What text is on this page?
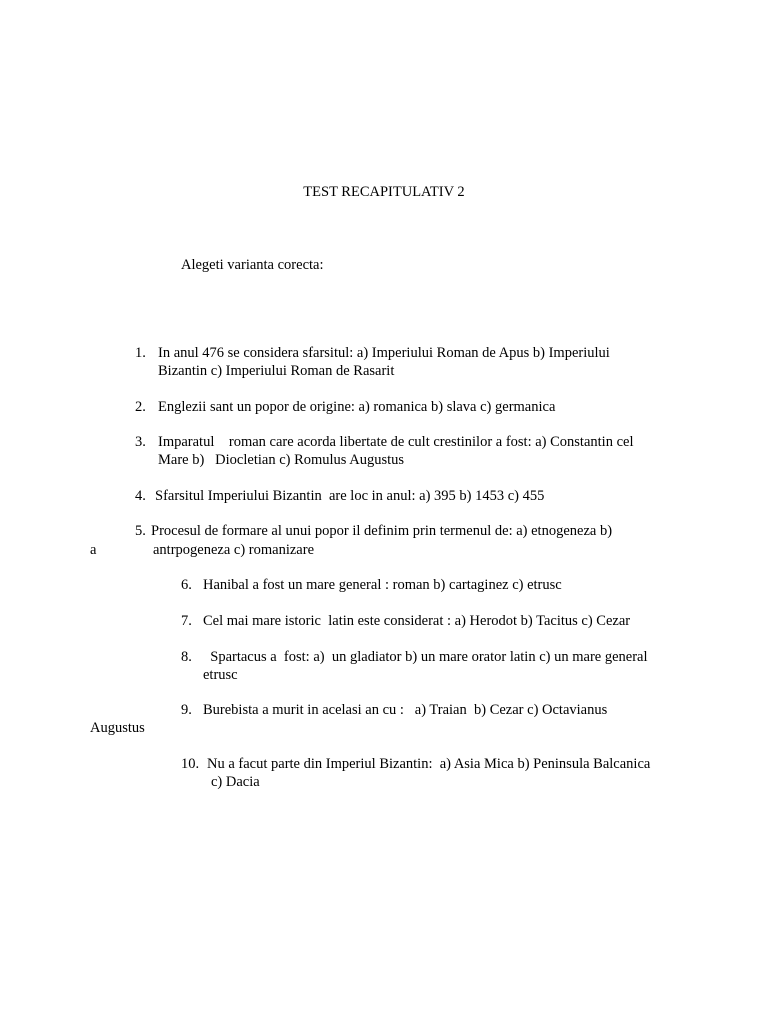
TEST RECAPITULATIV 2
Alegeti varianta corecta:
1. In anul 476 se considera sfarsitul: a) Imperiului Roman de Apus b) Imperiului
Bizantin c) Imperiului Roman de Rasarit
2. Englezii sant un popor de origine: a) romanica b) slava c) germanica
3. Imparatul    roman care acorda libertate de cult crestinilor a fost: a) Constantin cel
Mare b)   Diocletian c) Romulus Augustus
4. Sfarsitul Imperiului Bizantin  are loc in anul: a) 395 b) 1453 c) 455
5. Procesul de formare al unui popor il definim prin termenul de: a) etnogeneza b)
a	antrpogeneza c) romanizare
6. Hanibal a fost un mare general : roman b) cartaginez c) etrusc
7. Cel mai mare istoric  latin este considerat : a) Herodot b) Tacitus c) Cezar
8. Spartacus a  fost: a)  un gladiator b) un mare orator latin c) un mare general
etrusc
9. Burebista a murit in acelasi an cu :   a) Traian  b) Cezar c) Octavianus
Augustus
10. Nu a facut parte din Imperiul Bizantin:  a) Asia Mica b) Peninsula Balcanica
c) Dacia
